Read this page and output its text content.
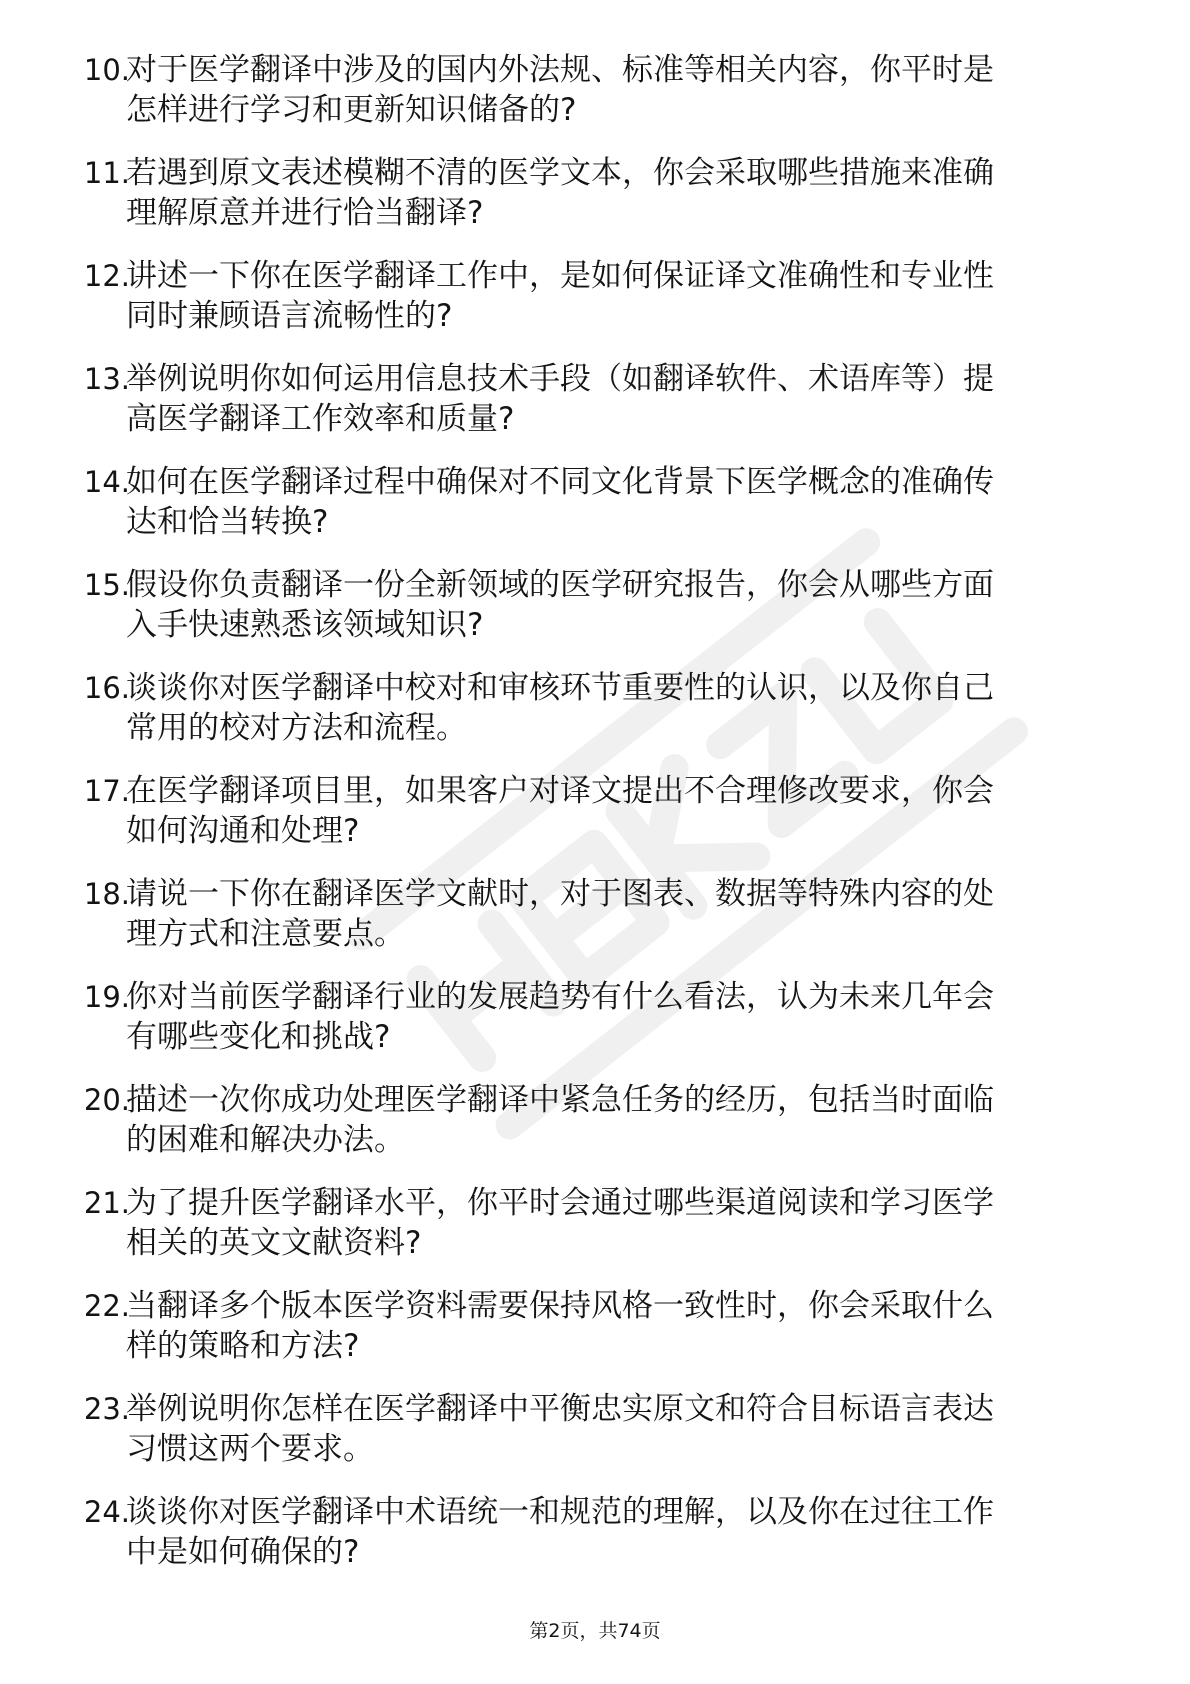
10.
对于医学翻译中涉及的国内外法规、标准等相关内容，你平时是
怎样进行学习和更新知识储备的?
11.
若遇到原文表述模糊不清的医学文本，你会采取哪些措施来准确
理解原意并进行恰当翻译?
12.
讲述一下你在医学翻译工作中，是如何保证译文准确性和专业性
同时兼顾语言流畅性的?
13.
举例说明你如何运用信息技术手段（如翻译软件、术语库等）提
高医学翻译工作效率和质量?
14.
如何在医学翻译过程中确保对不同文化背景下医学概念的准确传
达和恰当转换?
15.
假设你负责翻译一份全新领域的医学研究报告，你会从哪些方面
入手快速熟悉该领域知识?
16.
谈谈你对医学翻译中校对和审核环节重要性的认识，以及你自己
常用的校对方法和流程。
17.
在医学翻译项目里，如果客户对译文提出不合理修改要求，你会
如何沟通和处理?
18.
请说一下你在翻译医学文献时，对于图表、数据等特殊内容的处
理方式和注意要点。
19.
你对当前医学翻译行业的发展趋势有什么看法，认为未来几年会
有哪些变化和挑战?
20.
描述一次你成功处理医学翻译中紧急任务的经历，包括当时面临
的困难和解决办法。
21.
为了提升医学翻译水平，你平时会通过哪些渠道阅读和学习医学
相关的英文文献资料?
22.
当翻译多个版本医学资料需要保持风格一致性时，你会采取什么
样的策略和方法?
23.
举例说明你怎样在医学翻译中平衡忠实原文和符合目标语言表达
习惯这两个要求。
24.
谈谈你对医学翻译中术语统一和规范的理解，以及你在过往工作
中是如何确保的?
第2页，共74页
